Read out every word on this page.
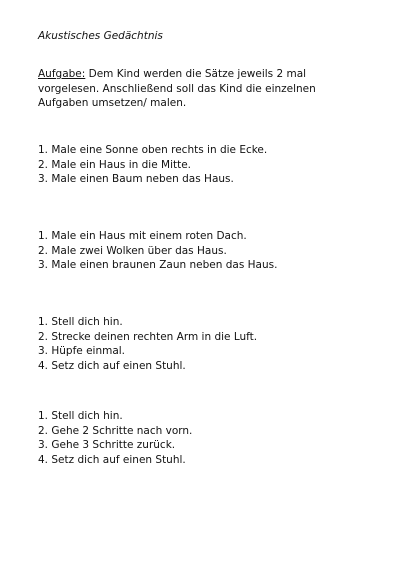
Akustisches Gedächtnis
Aufgabe: Dem Kind werden die Sätze jeweils 2 mal vorgelesen. Anschließend soll das Kind die einzelnen Aufgaben umsetzen/ malen.
1. Male eine Sonne oben rechts in die Ecke.
2. Male ein Haus in die Mitte.
3. Male einen Baum neben das Haus.
1. Male ein Haus mit einem roten Dach.
2. Male zwei Wolken über das Haus.
3. Male einen braunen Zaun neben das Haus.
1. Stell dich hin.
2. Strecke deinen rechten Arm in die Luft.
3. Hüpfe einmal.
4. Setz dich auf einen Stuhl.
1. Stell dich hin.
2. Gehe 2 Schritte nach vorn.
3. Gehe 3 Schritte zurück.
4. Setz dich auf einen Stuhl.
